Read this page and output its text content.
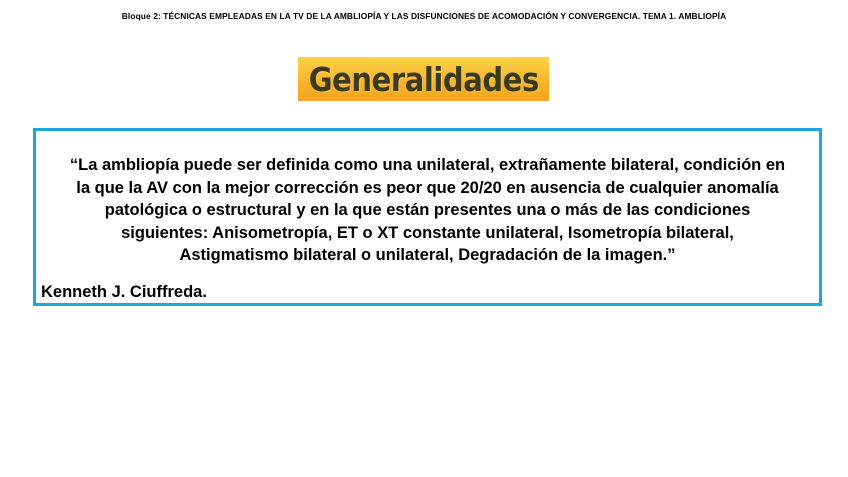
Bloque 2: TÉCNICAS EMPLEADAS EN LA TV DE LA AMBLIOPÍA Y LAS DISFUNCIONES DE ACOMODACIÓN Y CONVERGENCIA. TEMA 1. AMBLIOPÍA
Generalidades
“La ambliopía puede ser definida como una unilateral, extrañamente bilateral, condición en
la que la AV con la mejor corrección es peor que 20/20 en ausencia de cualquier anomalía
patológica o estructural y en la que están presentes una o más de las condiciones
siguientes: Anisometropía, ET o XT constante unilateral, Isometropía bilateral,
Astigmatismo bilateral o unilateral, Degradación de la imagen.”
Kenneth J. Ciuffreda.
